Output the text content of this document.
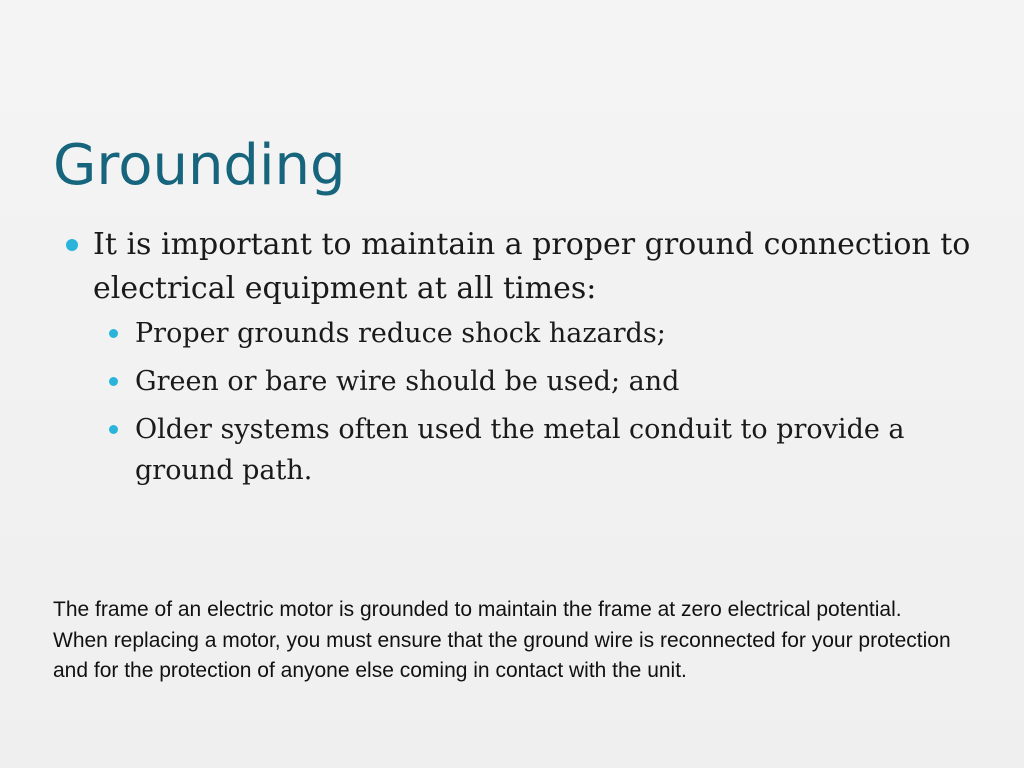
Grounding
It is important to maintain a proper ground connection to electrical equipment at all times:
Proper grounds reduce shock hazards;
Green or bare wire should be used; and
Older systems often used the metal conduit to provide a ground path.

The frame of an electric motor is grounded to maintain the frame at zero electrical potential. When replacing a motor, you must ensure that the ground wire is reconnected for your protection and for the protection of anyone else coming in contact with the unit.
